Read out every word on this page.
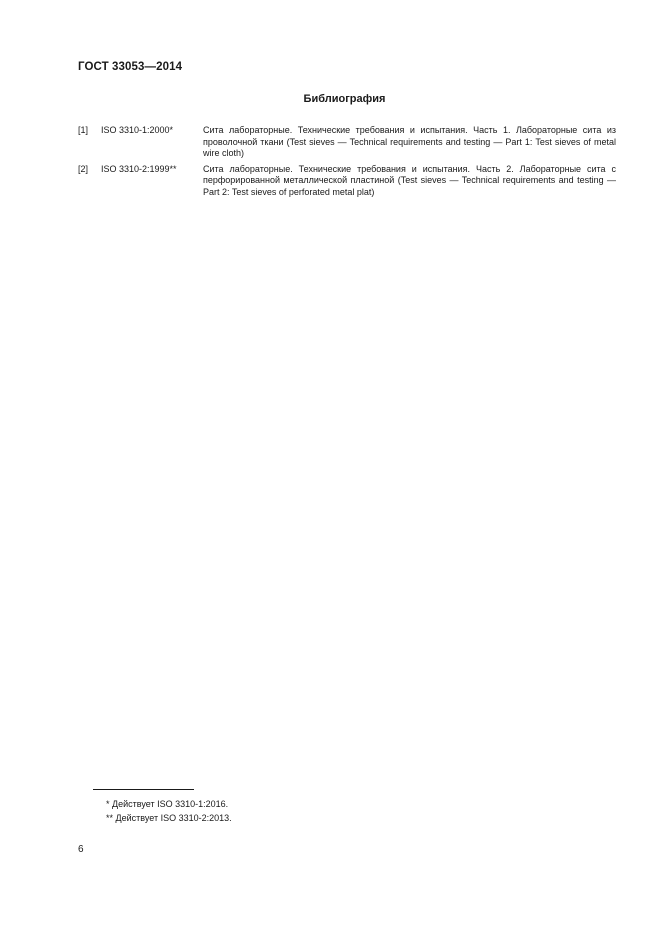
ГОСТ 33053—2014
Библиография
[1] ISO 3310-1:2000*	Сита лабораторные. Технические требования и испытания. Часть 1. Лабораторные сита из проволочной ткани (Test sieves — Technical requirements and testing — Part 1: Test sieves of metal wire cloth)
[2] ISO 3310-2:1999**	Сита лабораторные. Технические требования и испытания. Часть 2. Лабораторные сита с перфорированной металлической пластиной (Test sieves — Technical requirements and testing — Part 2: Test sieves of perforated metal plat)
* Действует ISO 3310-1:2016.
** Действует ISO 3310-2:2013.
6
